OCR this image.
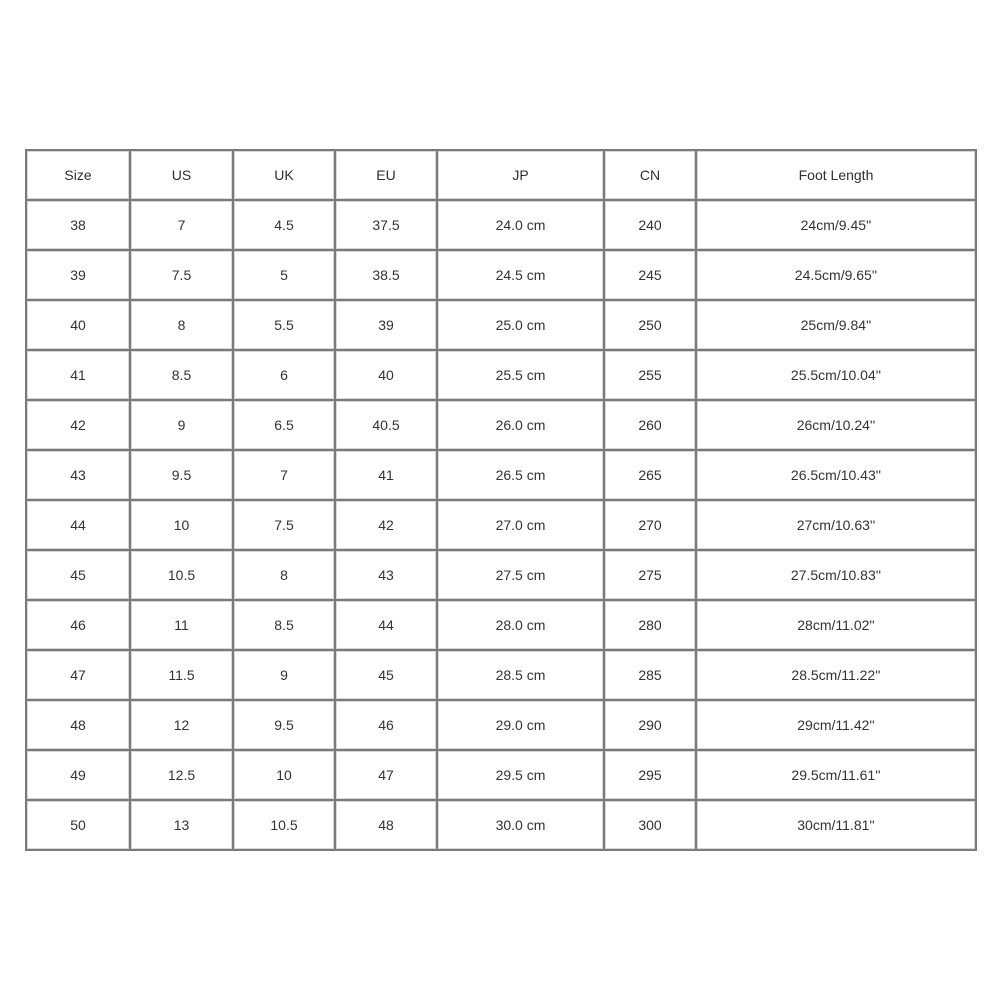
Size	US	UK	EU	JP	CN	Foot Length
38	7	4.5	37.5	24.0 cm	240	24cm/9.45''
39	7.5	5	38.5	24.5 cm	245	24.5cm/9.65''
40	8	5.5	39	25.0 cm	250	25cm/9.84''
41	8.5	6	40	25.5 cm	255	25.5cm/10.04''
42	9	6.5	40.5	26.0 cm	260	26cm/10.24''
43	9.5	7	41	26.5 cm	265	26.5cm/10.43''
44	10	7.5	42	27.0 cm	270	27cm/10.63''
45	10.5	8	43	27.5 cm	275	27.5cm/10.83''
46	11	8.5	44	28.0 cm	280	28cm/11.02''
47	11.5	9	45	28.5 cm	285	28.5cm/11.22''
48	12	9.5	46	29.0 cm	290	29cm/11.42''
49	12.5	10	47	29.5 cm	295	29.5cm/11.61''
50	13	10.5	48	30.0 cm	300	30cm/11.81''
